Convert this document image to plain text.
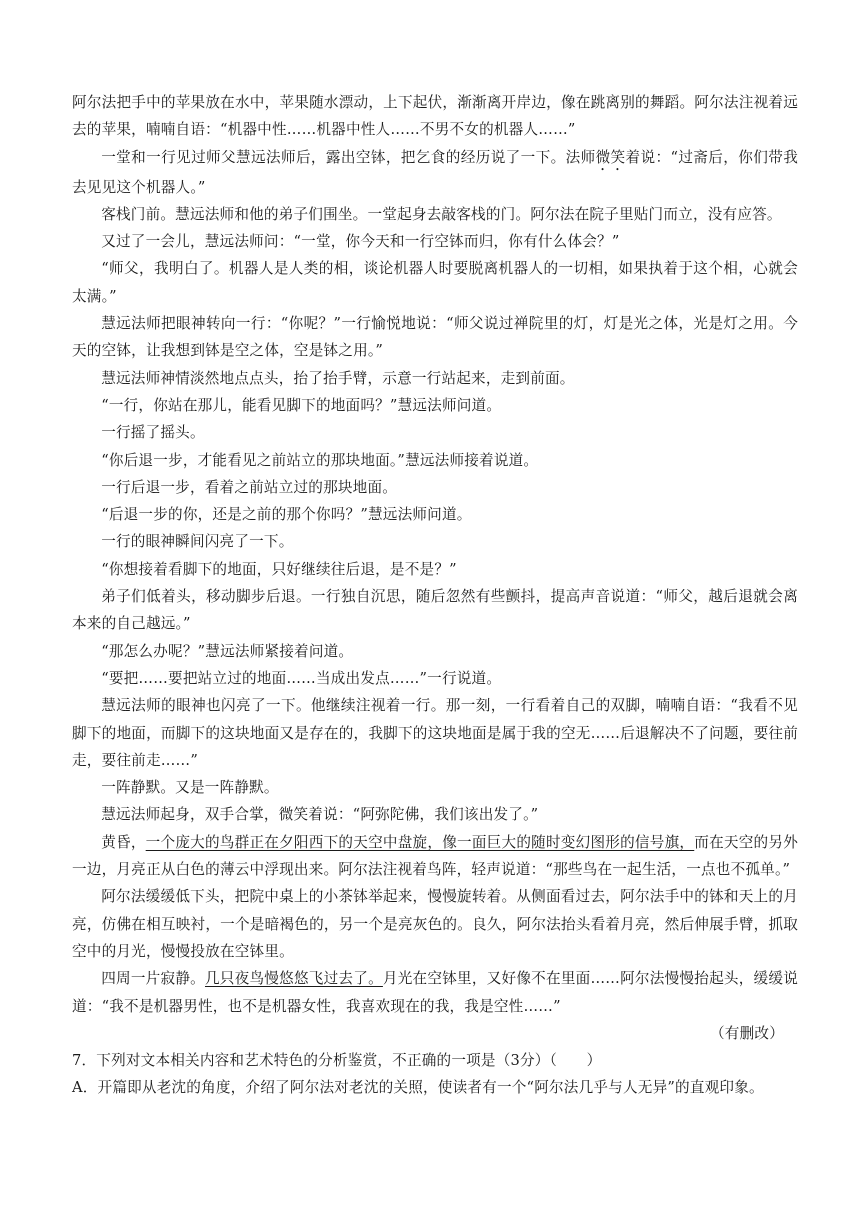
阿尔法把手中的苹果放在水中，苹果随水漂动，上下起伏，渐渐离开岸边，像在跳离别的舞蹈。阿尔法注视着远去的苹果，喃喃自语：“机器中性……机器中性人……不男不女的机器人……”

一堂和一行见过师父慧远法师后，露出空钵，把乞食的经历说了一下。法师微笑着说：“过斋后，你们带我去见见这个机器人。”

客栈门前。慧远法师和他的弟子们围坐。一堂起身去敲客栈的门。阿尔法在院子里贴门而立，没有应答。

又过了一会儿，慧远法师问：“一堂，你今天和一行空钵而归，你有什么体会？”

“师父，我明白了。机器人是人类的相，谈论机器人时要脱离机器人的一切相，如果执着于这个相，心就会太满。”

慧远法师把眼神转向一行：“你呢？”一行愉悦地说：“师父说过禅院里的灯，灯是光之体，光是灯之用。今天的空钵，让我想到钵是空之体，空是钵之用。”

慧远法师神情淡然地点点头，抬了抬手臂，示意一行站起来，走到前面。

“一行，你站在那儿，能看见脚下的地面吗？”慧远法师问道。

一行摇了摇头。

“你后退一步，才能看见之前站立的那块地面。”慧远法师接着说道。

一行后退一步，看着之前站立过的那块地面。

“后退一步的你，还是之前的那个你吗？”慧远法师问道。

一行的眼神瞬间闪亮了一下。

“你想接着看脚下的地面，只好继续往后退，是不是？”

弟子们低着头，移动脚步后退。一行独自沉思，随后忽然有些颤抖，提高声音说道：“师父，越后退就会离本来的自己越远。”

“那怎么办呢？”慧远法师紧接着问道。

“要把……要把站立过的地面……当成出发点……”一行说道。

慧远法师的眼神也闪亮了一下。他继续注视着一行。那一刻，一行看着自己的双脚，喃喃自语：“我看不见脚下的地面，而脚下的这块地面又是存在的，我脚下的这块地面是属于我的空无……后退解决不了问题，要往前走，要往前走……”

一阵静默。又是一阵静默。

慧远法师起身，双手合掌，微笑着说：“阿弥陀佛，我们该出发了。”

黄昏，一个庞大的鸟群正在夕阳西下的天空中盘旋，像一面巨大的随时变幻图形的信号旗，而在天空的另外一边，月亮正从白色的薄云中浮现出来。阿尔法注视着鸟阵，轻声说道：“那些鸟在一起生活，一点也不孤单。”

阿尔法缓缓低下头，把院中桌上的小茶钵举起来，慢慢旋转着。从侧面看过去，阿尔法手中的钵和天上的月亮，仿佛在相互映衬，一个是暗褐色的，另一个是亮灰色的。良久，阿尔法抬头看着月亮，然后伸展手臂，抓取空中的月光，慢慢投放在空钵里。

四周一片寂静。几只夜鸟慢悠悠飞过去了。月光在空钵里，又好像不在里面……阿尔法慢慢抬起头，缓缓说道：“我不是机器男性，也不是机器女性，我喜欢现在的我，我是空性……”

（有删改）

7．下列对文本相关内容和艺术特色的分析鉴赏，不正确的一项是（3分）（　　）

A．开篇即从老沈的角度，介绍了阿尔法对老沈的关照，使读者有一个“阿尔法几乎与人无异”的直观印象。
